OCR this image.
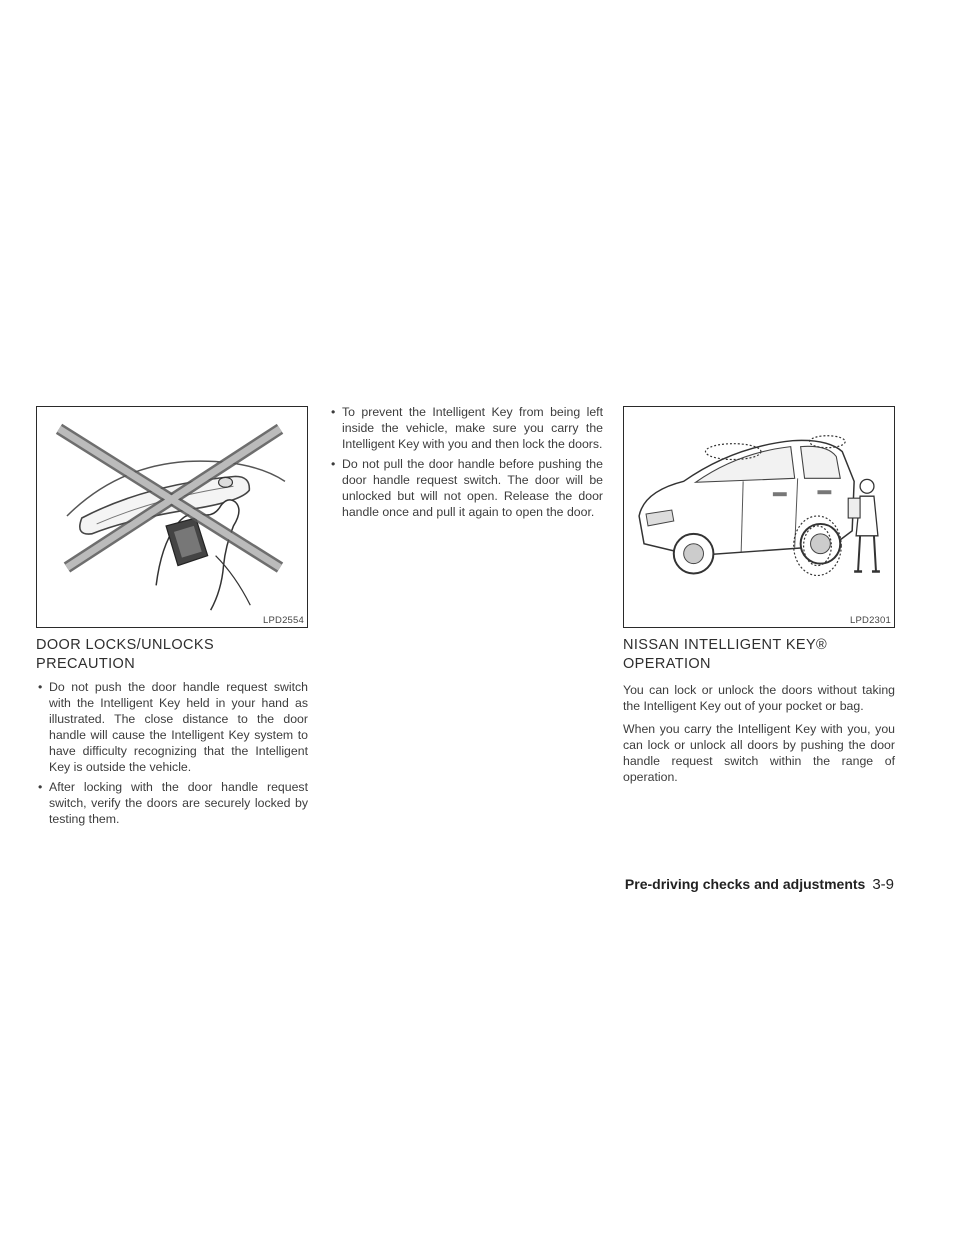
LPD2554	LPD2301
DOOR LOCKS/UNLOCKS
PRECAUTION
• Do not push the door handle request switch with the Intelligent Key held in your hand as illustrated. The close distance to the door handle will cause the Intelligent Key system to have difficulty recognizing that the Intelligent Key is outside the vehicle.
• After locking with the door handle request switch, verify the doors are securely locked by testing them.
• To prevent the Intelligent Key from being left inside the vehicle, make sure you carry the Intelligent Key with you and then lock the doors.
• Do not pull the door handle before pushing the door handle request switch. The door will be unlocked but will not open. Release the door handle once and pull it again to open the door.
NISSAN INTELLIGENT KEY®
OPERATION

You can lock or unlock the doors without taking the Intelligent Key out of your pocket or bag.

When you carry the Intelligent Key with you, you can lock or unlock all doors by pushing the door handle request switch within the range of operation.

Pre-driving checks and adjustments 3-9
